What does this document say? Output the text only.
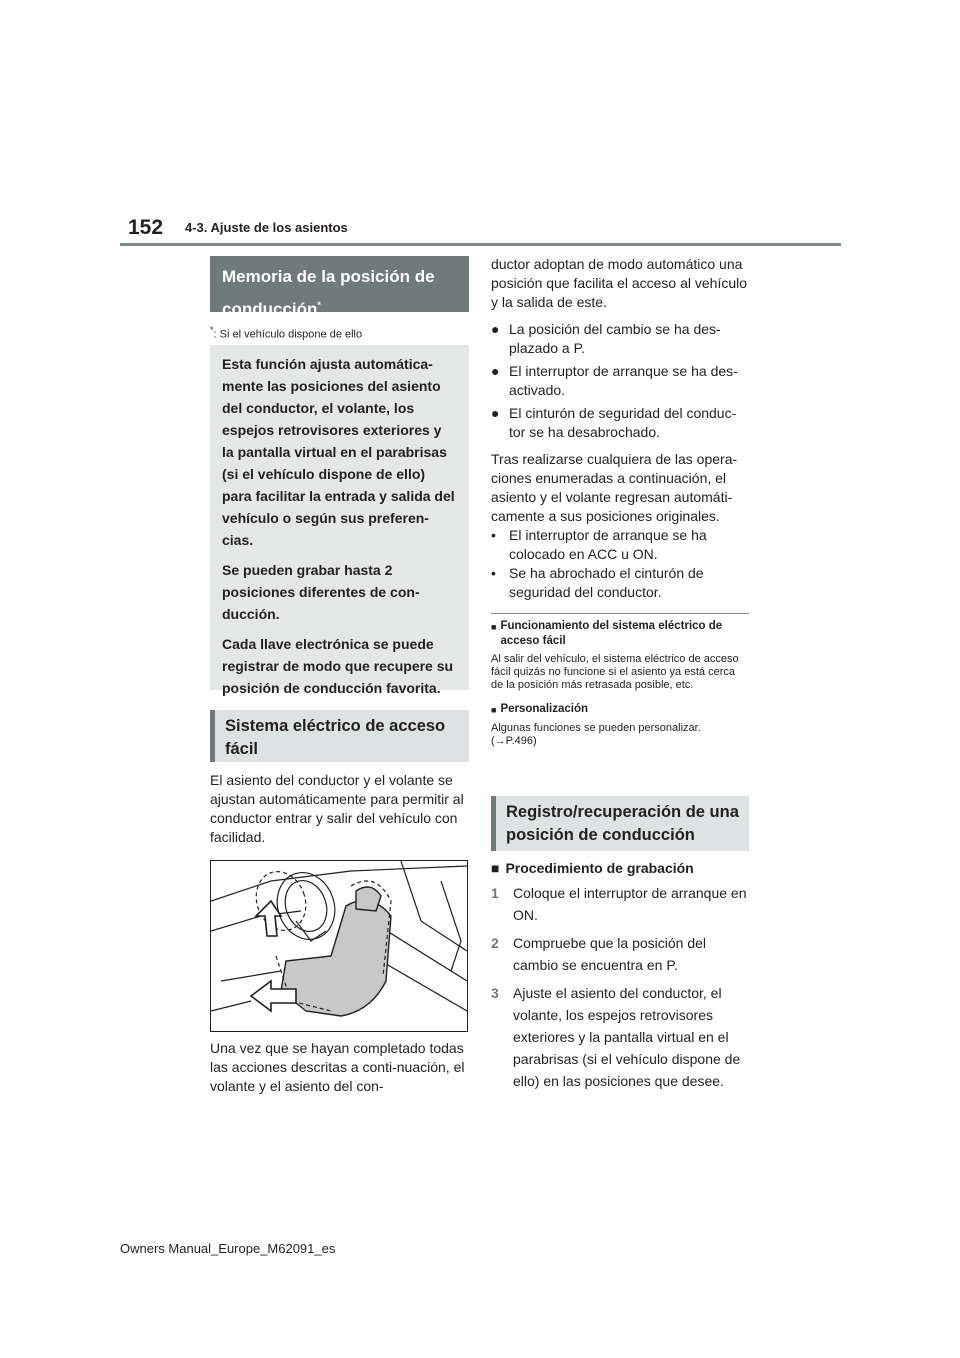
152 4-3. Ajuste de los asientos
Memoria de la posición de conducción*
*: Si el vehículo dispone de ello

Esta función ajusta automática-mente las posiciones del asiento del conductor, el volante, los espejos retrovisores exteriores y la pantalla virtual en el parabrisas (si el vehículo dispone de ello) para facilitar la entrada y salida del vehículo o según sus preferen-cias.

Se pueden grabar hasta 2 posiciones diferentes de con-ducción.

Cada llave electrónica se puede registrar de modo que recupere su posición de conducción favorita.

Sistema eléctrico de acceso fácil
El asiento del conductor y el volante se ajustan automáticamente para permitir al conductor entrar y salir del vehículo con facilidad.
Una vez que se hayan completado todas las acciones descritas a conti-nuación, el volante y el asiento del con-

ductor adoptan de modo automático una posición que facilita el acceso al vehículo y la salida de este.

● La posición del cambio se ha des-plazado a P.
● El interruptor de arranque se ha des-activado.
● El cinturón de seguridad del conduc-tor se ha desabrochado.

Tras realizarse cualquiera de las opera-ciones enumeradas a continuación, el asiento y el volante regresan automáti-camente a sus posiciones originales.

• El interruptor de arranque se ha colocado en ACC u ON.
• Se ha abrochado el cinturón de seguridad del conductor.
■ Funcionamiento del sistema eléctrico de acceso fácil
Al salir del vehículo, el sistema eléctrico de acceso fácil quizás no funcione si el asiento ya está cerca de la posición más retrasada posible, etc.
■ Personalización
Algunas funciones se pueden personalizar. (→P.496)
Registro/recuperación de una posición de conducción
■ Procedimiento de grabación
1	Coloque el interruptor de arranque en ON.
2	Compruebe que la posición del cambio se encuentra en P.
3	Ajuste el asiento del conductor, el volante, los espejos retrovisores exteriores y la pantalla virtual en el parabrisas (si el vehículo dispone de ello) en las posiciones que desee.
Owners Manual_Europe_M62091_es
